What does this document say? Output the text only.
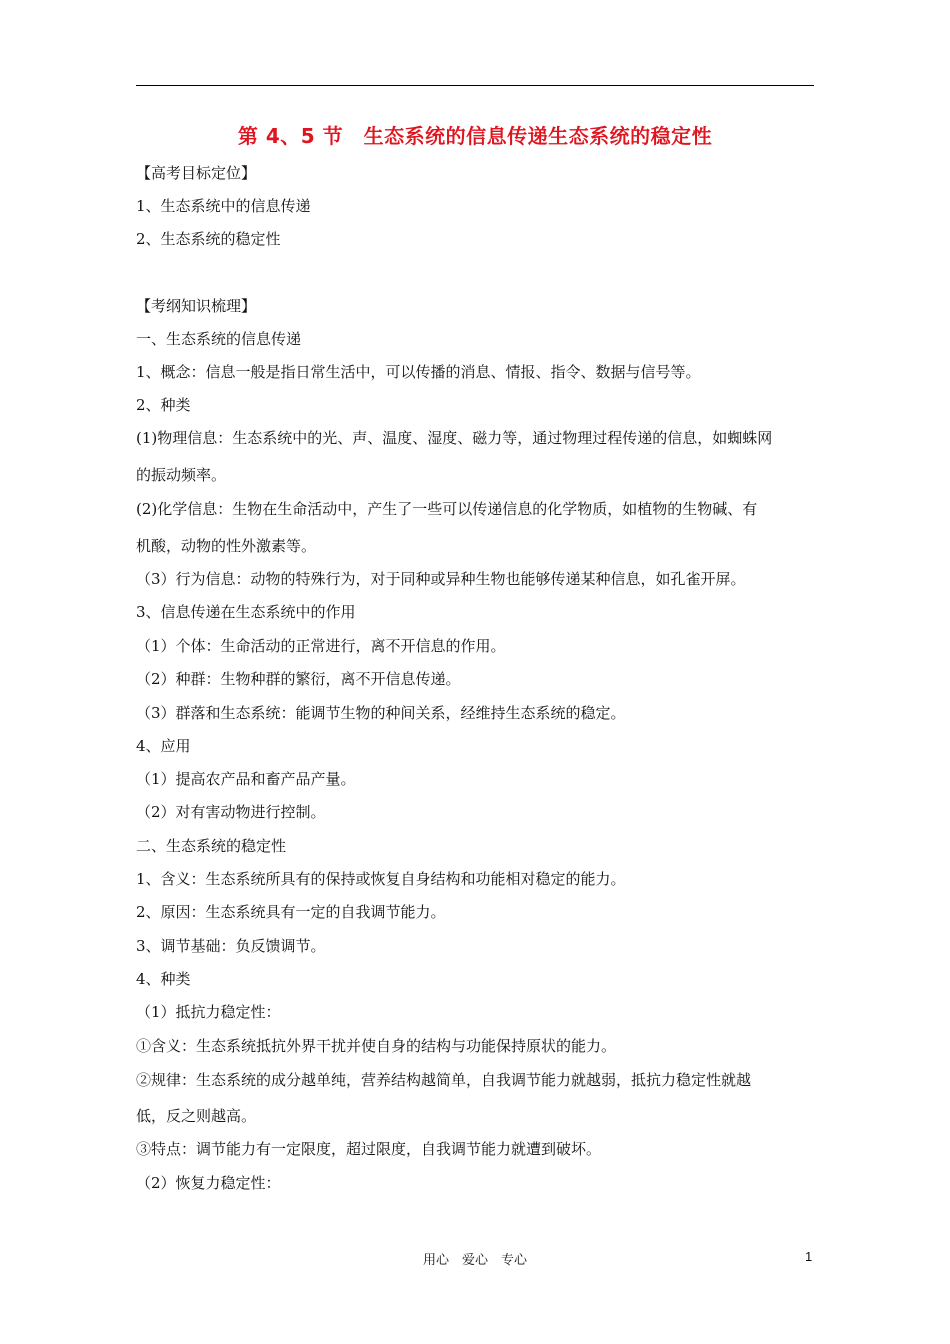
第 4、5 节　生态系统的信息传递生态系统的稳定性
【高考目标定位】
1、生态系统中的信息传递
2、生态系统的稳定性
【考纲知识梳理】
一、生态系统的信息传递
1、概念：信息一般是指日常生活中，可以传播的消息、情报、指令、数据与信号等。
2、种类
(1)物理信息：生态系统中的光、声、温度、湿度、磁力等，通过物理过程传递的信息，如蜘蛛网
的振动频率。
(2)化学信息：生物在生命活动中，产生了一些可以传递信息的化学物质，如植物的生物碱、有
机酸，动物的性外激素等。
（3）行为信息：动物的特殊行为，对于同种或异种生物也能够传递某种信息，如孔雀开屏。
3、信息传递在生态系统中的作用
（1）个体：生命活动的正常进行，离不开信息的作用。
（2）种群：生物种群的繁衍，离不开信息传递。
（3）群落和生态系统：能调节生物的种间关系，经维持生态系统的稳定。
4、应用
（1）提高农产品和畜产品产量。
（2）对有害动物进行控制。
二、生态系统的稳定性
1、含义：生态系统所具有的保持或恢复自身结构和功能相对稳定的能力。
2、原因：生态系统具有一定的自我调节能力。
3、调节基础：负反馈调节。
4、种类
（1）抵抗力稳定性：
①含义：生态系统抵抗外界干扰并使自身的结构与功能保持原状的能力。
②规律：生态系统的成分越单纯，营养结构越简单，自我调节能力就越弱，抵抗力稳定性就越
低，反之则越高。
③特点：调节能力有一定限度，超过限度，自我调节能力就遭到破坏。
（2）恢复力稳定性：
用心　爱心　专心	1
